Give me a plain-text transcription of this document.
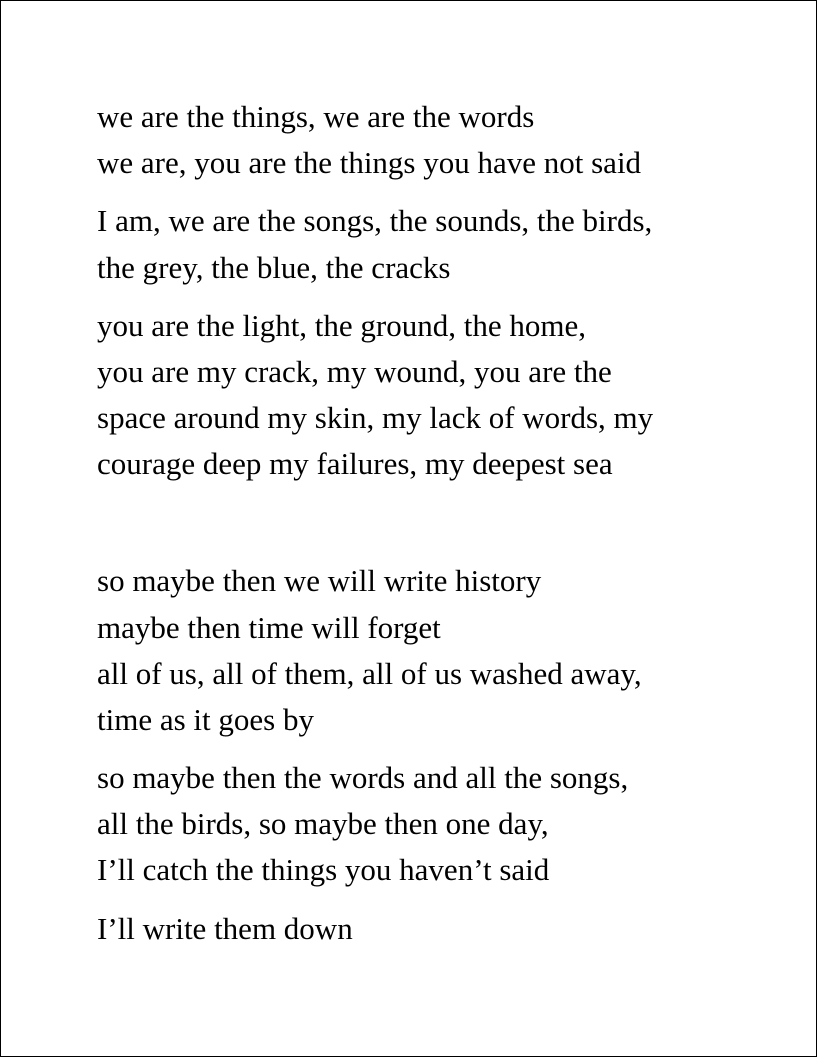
we are the things, we are the words
we are, you are the things you have not said
I am, we are the songs, the sounds, the birds,
the grey, the blue, the cracks
you are the light, the ground, the home,
you are my crack, my wound, you are the
space around my skin, my lack of words, my
courage deep my failures, my deepest sea
so maybe then we will write history
maybe then time will forget
all of us, all of them, all of us washed away,
time as it goes by
so maybe then the words and all the songs,
all the birds, so maybe then one day,
I’ll catch the things you haven’t said
I’ll write them down
